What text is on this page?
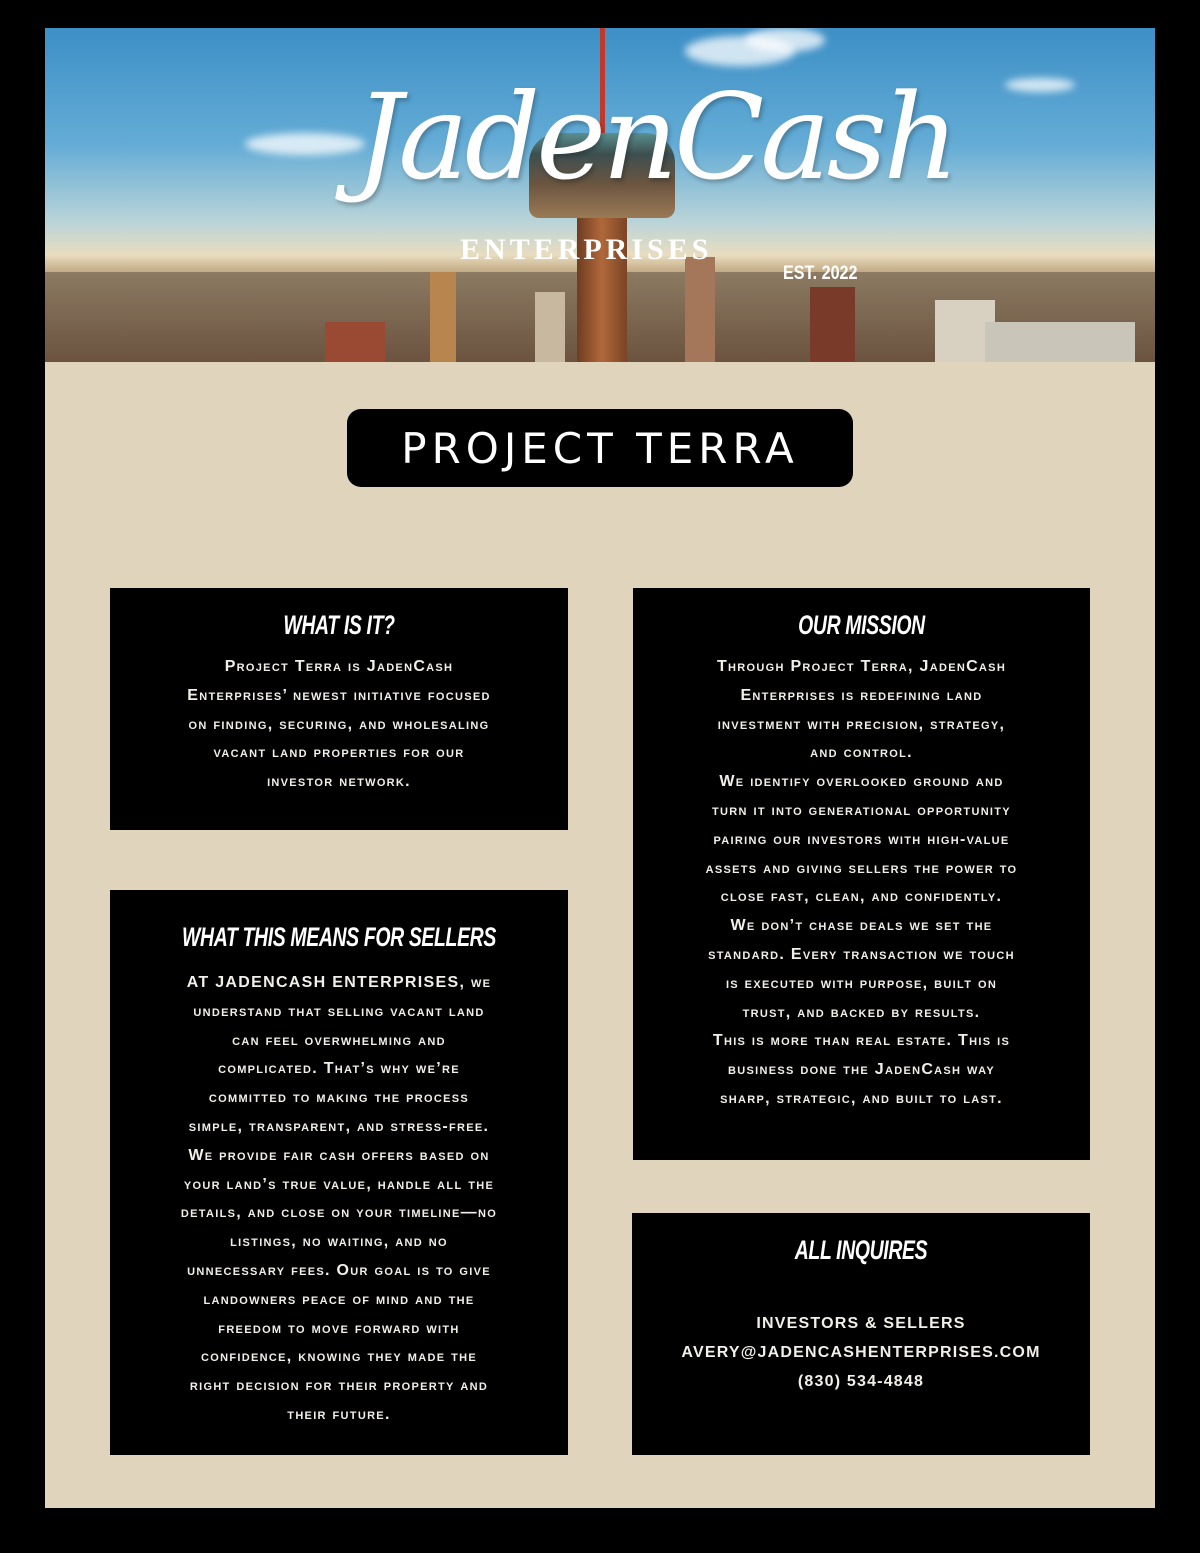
JadenCash
ENTERPRISES
EST. 2022
PROJECT TERRA
WHAT IS IT?
Project Terra is JadenCash
Enterprises’ newest initiative focused
on finding, securing, and wholesaling
vacant land properties for our
investor network.
WHAT THIS MEANS FOR SELLERS
AT JADENCASH ENTERPRISES, we
understand that selling vacant land
can feel overwhelming and
complicated. That’s why we’re
committed to making the process
simple, transparent, and stress-free.
We provide fair cash offers based on
your land’s true value, handle all the
details, and close on your timeline—no
listings, no waiting, and no
unnecessary fees. Our goal is to give
landowners peace of mind and the
freedom to move forward with
confidence, knowing they made the
right decision for their property and
their future.
OUR MISSION
Through Project Terra, JadenCash
Enterprises is redefining land
investment with precision, strategy,
and control.
We identify overlooked ground and
turn it into generational opportunity
pairing our investors with high-value
assets and giving sellers the power to
close fast, clean, and confidently.
We don’t chase deals we set the
standard. Every transaction we touch
is executed with purpose, built on
trust, and backed by results.
This is more than real estate. This is
business done the JadenCash way
sharp, strategic, and built to last.
ALL INQUIRES
INVESTORS & SELLERS
AVERY@JADENCASHENTERPRISES.COM
(830) 534-4848
